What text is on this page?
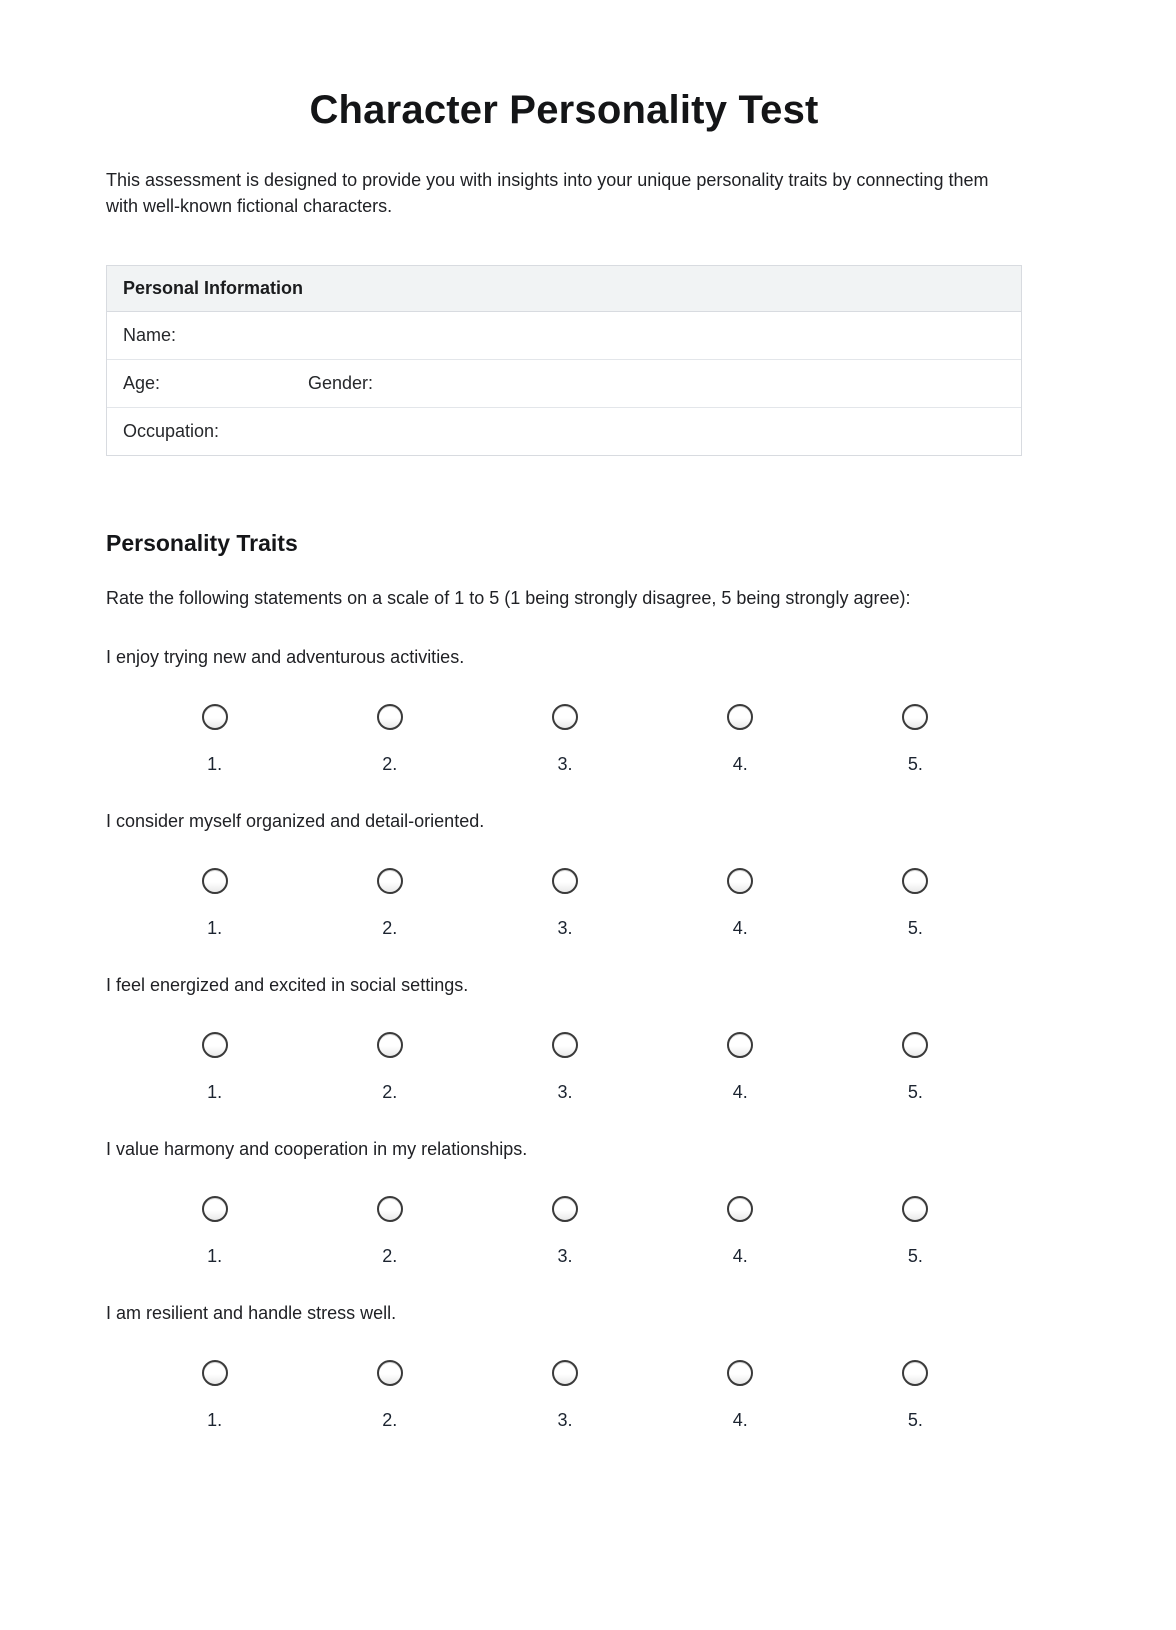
Character Personality Test

This assessment is designed to provide you with insights into your unique personality traits by connecting them with well-known fictional characters.

Personal Information
Name:
Age:	Gender:
Occupation:
Personality Traits

Rate the following statements on a scale of 1 to 5 (1 being strongly disagree, 5 being strongly agree):

I enjoy trying new and adventurous activities.

1.	2.	3.	4.	5.

I consider myself organized and detail-oriented.

1.	2.	3.	4.	5.

I feel energized and excited in social settings.

1.	2.	3.	4.	5.

I value harmony and cooperation in my relationships.

1.	2.	3.	4.	5.

I am resilient and handle stress well.

1.	2.	3.	4.	5.
